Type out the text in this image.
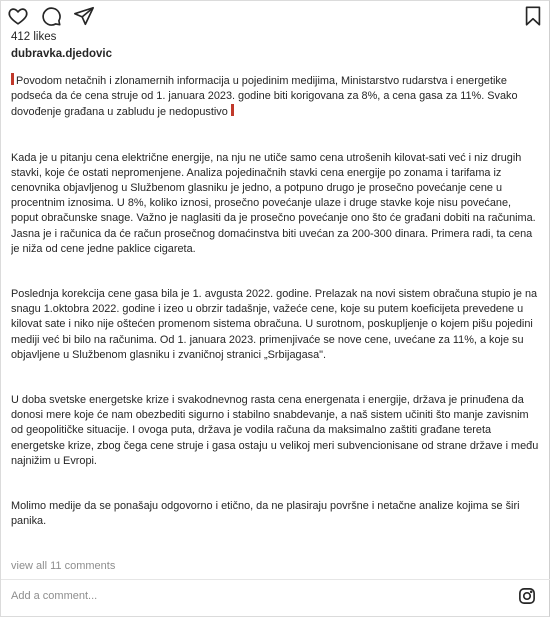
412 likes
dubravka.djedovic
Povodom netačnih i zlonamernih informacija u pojedinim medijima, Ministarstvo rudarstva i energetike podseća da će cena struje od 1. januara 2023. godine biti korigovana za 8%, a cena gasa za 11%. Svako dovođenje građana u zabludu je nedopustivo
Kada je u pitanju cena električne energije, na nju ne utiče samo cena utrošenih kilovat-sati već i niz drugih stavki, koje će ostati nepromenjene. Analiza pojedinačnih stavki cena energije po zonama i tarifama iz cenovnika objavljenog u Službenom glasniku je jedno, a potpuno drugo je prosečno povećanje cene u procentnim iznosima. U 8%, koliko iznosi, prosečno povećanje ulaze i druge stavke koje nisu povećane, poput obračunske snage. Važno je naglasiti da je prosečno povećanje ono što će građani dobiti na računima. Jasna je i računica da će račun prosečnog domaćinstva biti uvećan za 200-300 dinara. Primera radi, ta cena je niža od cene jedne paklice cigareta.
Poslednja korekcija cene gasa bila je 1. avgusta 2022. godine. Prelazak na novi sistem obračuna stupio je na snagu 1.oktobra 2022. godine i izeo u obrzir tadašnje, važeće cene, koje su putem koeficijeta prevedene u kilovat sate i niko nije oštećen promenom sistema obračuna. U surotnom, poskupljenje o kojem pišu pojedini mediji već bi bilo na računima. Od 1. januara 2023. primenjivaće se nove cene, uvećane za 11%, a koje su objavljene u Službenom glasniku i zvaničnoj stranici „Srbijagasa".
U doba svetske energetske krize i svakodnevnog rasta cena energenata i energije, država je prinuđena da donosi mere koje će nam obezbediti sigurno i stabilno snabdevanje, a naš sistem učiniti što manje zavisnim od geopolitičke situacije. I ovoga puta, država je vodila računa da maksimalno zaštiti građane tereta energetske krize, zbog čega cene struje i gasa ostaju u velikoj meri subvencionisane od strane države i među najnižim u Evropi.
Molimo medije da se ponašaju odgovorno i etično, da ne plasiraju površne i netačne analize kojima se širi panika.
view all 11 comments
Add a comment...
